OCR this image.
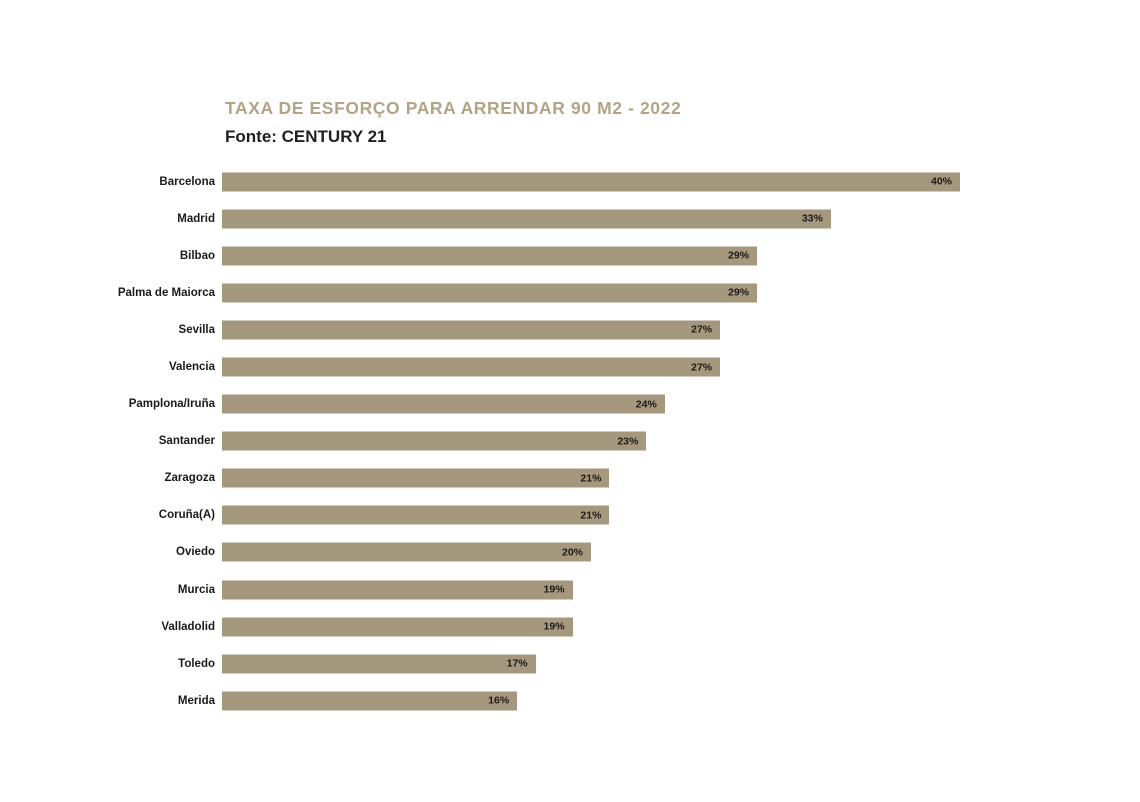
TAXA DE ESFORÇO PARA ARRENDAR 90 M2 - 2022
Fonte: CENTURY 21
Barcelona	40%
Madrid	33%
Bilbao	29%
Palma de Maiorca	29%
Sevilla	27%
Valencia	27%
Pamplona/Iruña	24%
Santander	23%
Zaragoza	21%
Coruña(A)	21%
Oviedo	20%
Murcia	19%
Valladolid	19%
Toledo	17%
Merida	16%
